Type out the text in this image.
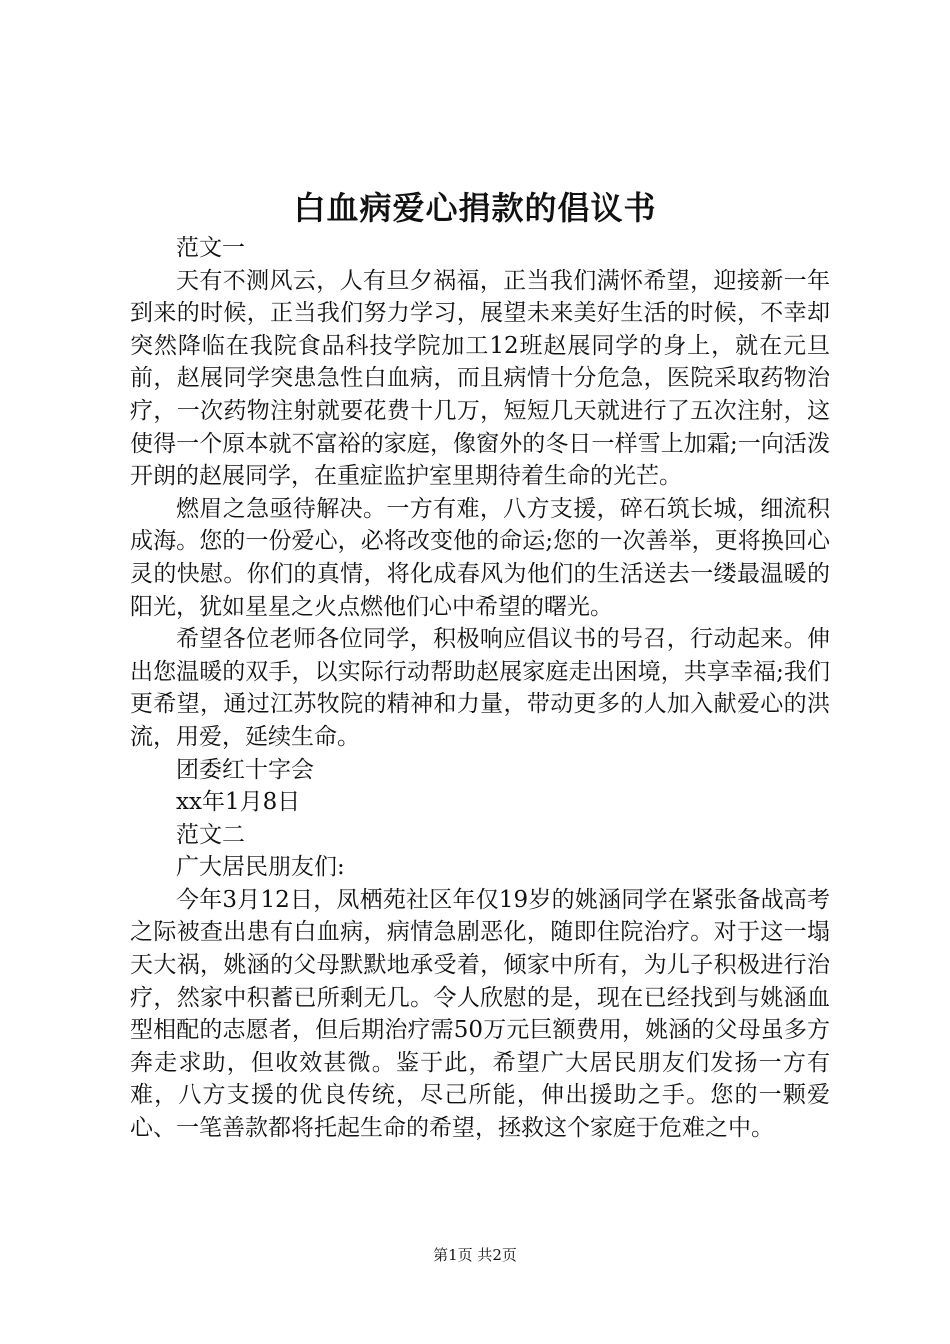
白血病爱心捐款的倡议书

范文一

天有不测风云，人有旦夕祸福，正当我们满怀希望，迎接新一年到来的时候，正当我们努力学习，展望未来美好生活的时候，不幸却突然降临在我院食品科技学院加工12班赵展同学的身上，就在元旦前，赵展同学突患急性白血病，而且病情十分危急，医院采取药物治疗，一次药物注射就要花费十几万，短短几天就进行了五次注射，这使得一个原本就不富裕的家庭，像窗外的冬日一样雪上加霜;一向活泼开朗的赵展同学，在重症监护室里期待着生命的光芒。

燃眉之急亟待解决。一方有难，八方支援，碎石筑长城，细流积成海。您的一份爱心，必将改变他的命运;您的一次善举，更将换回心灵的快慰。你们的真情，将化成春风为他们的生活送去一缕最温暖的阳光，犹如星星之火点燃他们心中希望的曙光。

希望各位老师各位同学，积极响应倡议书的号召，行动起来。伸出您温暖的双手，以实际行动帮助赵展家庭走出困境，共享幸福;我们更希望，通过江苏牧院的精神和力量，带动更多的人加入献爱心的洪流，用爱，延续生命。

团委红十字会

xx年1月8日

范文二

广大居民朋友们:

今年3月12日，凤栖苑社区年仅19岁的姚涵同学在紧张备战高考之际被查出患有白血病，病情急剧恶化，随即住院治疗。对于这一塌天大祸，姚涵的父母默默地承受着，倾家中所有，为儿子积极进行治疗，然家中积蓄已所剩无几。令人欣慰的是，现在已经找到与姚涵血型相配的志愿者，但后期治疗需50万元巨额费用，姚涵的父母虽多方奔走求助，但收效甚微。鉴于此，希望广大居民朋友们发扬一方有难，八方支援的优良传统，尽己所能，伸出援助之手。您的一颗爱心、一笔善款都将托起生命的希望，拯救这个家庭于危难之中。

第1页 共2页
